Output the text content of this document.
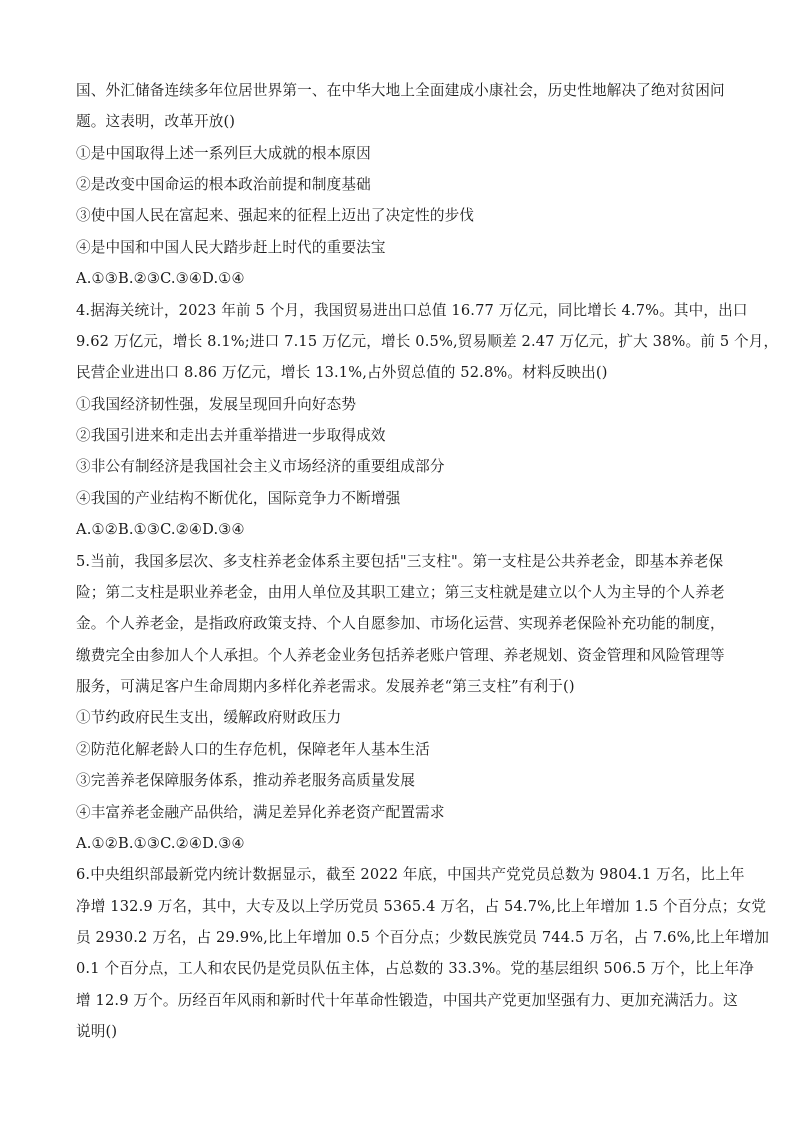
国、外汇储备连续多年位居世界第一、在中华大地上全面建成小康社会，历史性地解决了绝对贫困问
题。这表明，改革开放()
①是中国取得上述一系列巨大成就的根本原因
②是改变中国命运的根本政治前提和制度基础
③使中国人民在富起来、强起来的征程上迈出了决定性的步伐
④是中国和中国人民大踏步赶上时代的重要法宝
A.①③B.②③C.③④D.①④
4.据海关统计，2023 年前 5 个月，我国贸易进出口总值 16.77 万亿元，同比增长 4.7%。其中，出口
9.62 万亿元，增长 8.1%;进口 7.15 万亿元，增长 0.5%,贸易顺差 2.47 万亿元，扩大 38%。前 5 个月，
民营企业进出口 8.86 万亿元，增长 13.1%,占外贸总值的 52.8%。材料反映出()
①我国经济韧性强，发展呈现回升向好态势
②我国引进来和走出去并重举措进一步取得成效
③非公有制经济是我国社会主义市场经济的重要组成部分
④我国的产业结构不断优化，国际竞争力不断增强
A.①②B.①③C.②④D.③④
5.当前，我国多层次、多支柱养老金体系主要包括"三支柱"。第一支柱是公共养老金，即基本养老保
险；第二支柱是职业养老金，由用人单位及其职工建立；第三支柱就是建立以个人为主导的个人养老
金。个人养老金，是指政府政策支持、个人自愿参加、市场化运营、实现养老保险补充功能的制度，
缴费完全由参加人个人承担。个人养老金业务包括养老账户管理、养老规划、资金管理和风险管理等
服务，可满足客户生命周期内多样化养老需求。发展养老“第三支柱”有利于()
①节约政府民生支出，缓解政府财政压力
②防范化解老龄人口的生存危机，保障老年人基本生活
③完善养老保障服务体系，推动养老服务高质量发展
④丰富养老金融产品供给，满足差异化养老资产配置需求
A.①②B.①③C.②④D.③④
6.中央组织部最新党内统计数据显示，截至 2022 年底，中国共产党党员总数为 9804.1 万名，比上年
净增 132.9 万名，其中，大专及以上学历党员 5365.4 万名，占 54.7%,比上年增加 1.5 个百分点；女党
员 2930.2 万名，占 29.9%,比上年增加 0.5 个百分点；少数民族党员 744.5 万名，占 7.6%,比上年增加
0.1 个百分点，工人和农民仍是党员队伍主体，占总数的 33.3%。党的基层组织 506.5 万个，比上年净
增 12.9 万个。历经百年风雨和新时代十年革命性锻造，中国共产党更加坚强有力、更加充满活力。这
说明()
